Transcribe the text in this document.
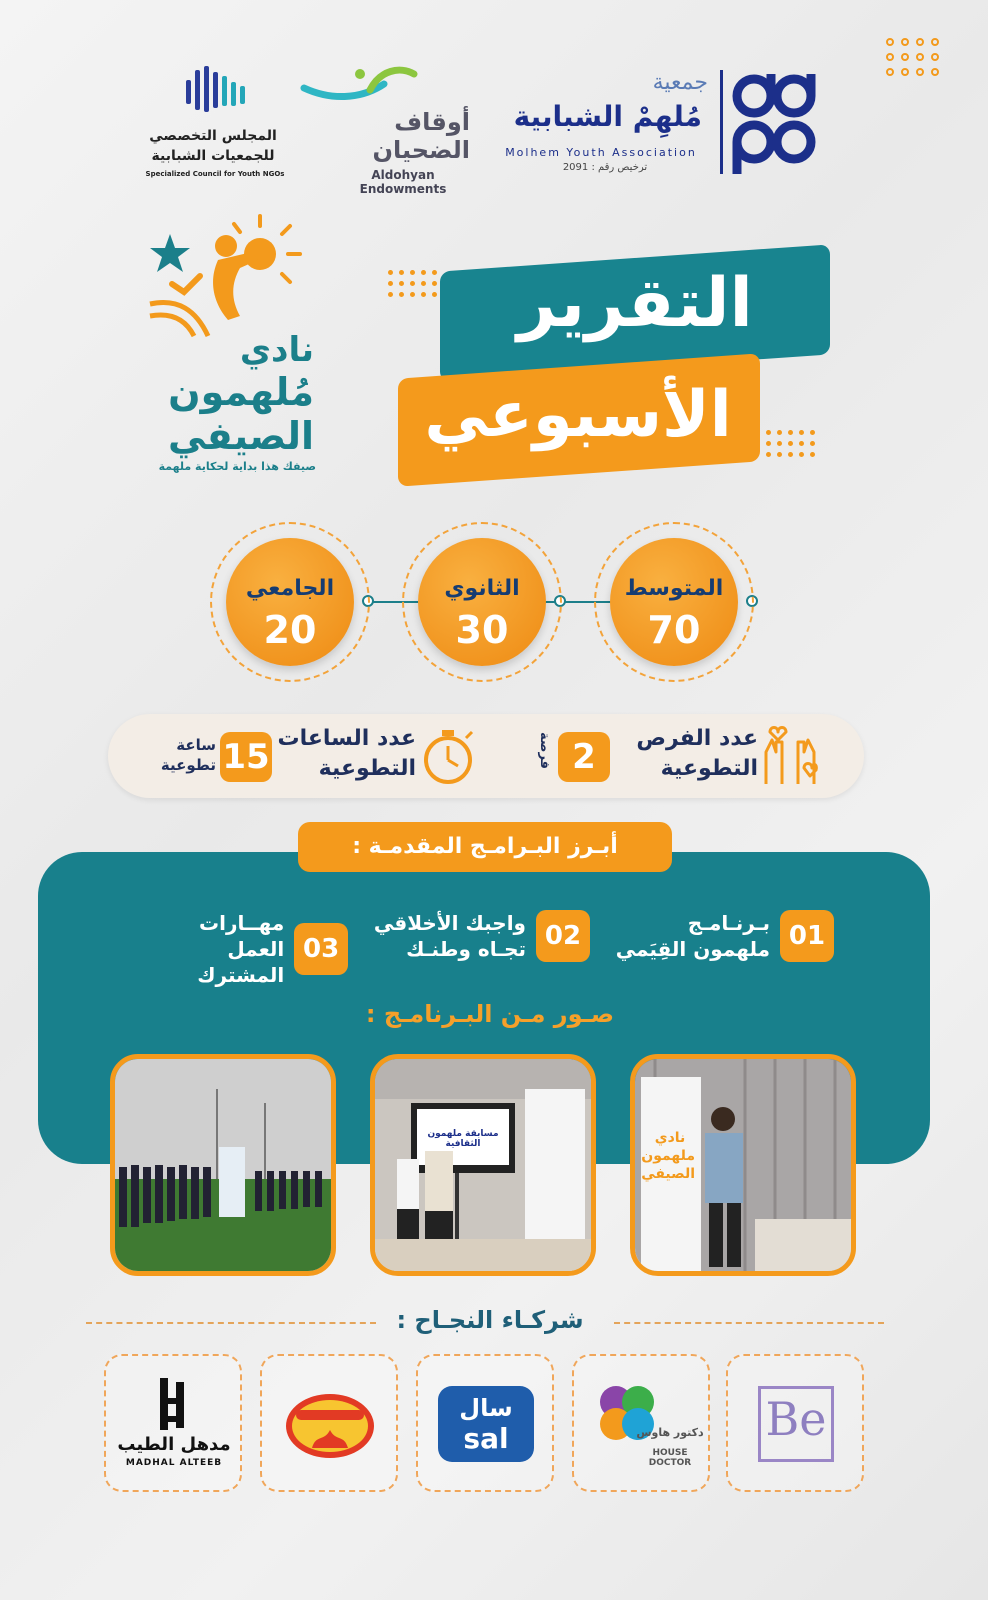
جمعية
مُلهِمْ الشبابية
Molhem Youth Association
ترخيص رقم : 2091
أوقاف
الضحيان
Aldohyan Endowments
المجلس التخصصي
للجمعيات الشبابية
Specialized Council for Youth NGOs
نادي
مُلهمون
الصيفي
صيفك هذا بداية لحكاية ملهمة
التقرير
الأسبوعي
الجامعي
20
الثانوي
30
المتوسط
70
ساعة
تطوعية 15 عدد الساعات
التطوعية	فرصة 2	عدد الفرص
التطوعية
أبـرز البـرامـج المقدمـة :
01
بـرنـامـج
ملهمون القِيَمي
02
واجبك الأخلاقي
تجـاه وطنـك
03
مهــارات
العمل المشترك
صـور مـن البـرنامـج :
مسابقة ملهمون الثقافية	نادي ملهمون الصيفي
شركـاء النجـاح :
مدهل الطيب
MADHAL ALTEEB
سال
sal	دكتور هاوس
HOUSE DOCTOR
Be
